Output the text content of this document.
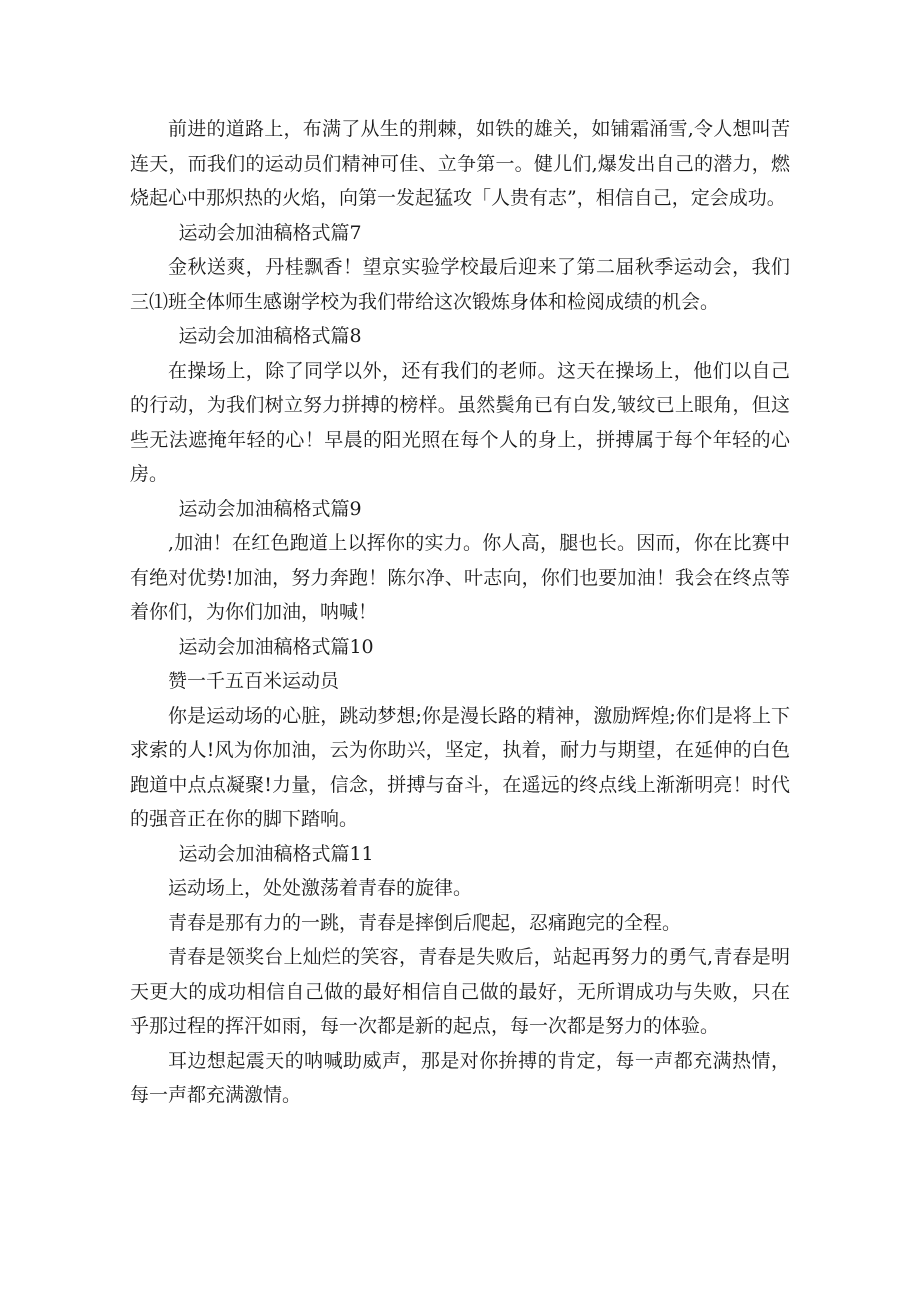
前进的道路上，布满了从生的荆棘，如铁的雄关，如铺霜涌雪,令人想叫苦连天，而我们的运动员们精神可佳、立争第一。健儿们,爆发出自己的潜力，燃烧起心中那炽热的火焰，向第一发起猛攻「人贵有志”，相信自己，定会成功。

运动会加油稿格式篇7

金秋送爽，丹桂飘香！望京实验学校最后迎来了第二届秋季运动会，我们三⑴班全体师生感谢学校为我们带给这次锻炼身体和检阅成绩的机会。

运动会加油稿格式篇8

在操场上，除了同学以外，还有我们的老师。这天在操场上，他们以自己的行动，为我们树立努力拼搏的榜样。虽然鬓角已有白发,皱纹已上眼角，但这些无法遮掩年轻的心！早晨的阳光照在每个人的身上，拼搏属于每个年轻的心房。

运动会加油稿格式篇9

,加油！在红色跑道上以挥你的实力。你人高，腿也长。因而，你在比赛中有绝对优势!加油，努力奔跑！陈尔净、叶志向，你们也要加油！我会在终点等着你们，为你们加油，呐喊！

运动会加油稿格式篇10

赞一千五百米运动员

你是运动场的心脏，跳动梦想;你是漫长路的精神，激励辉煌;你们是将上下求索的人!风为你加油，云为你助兴，坚定，执着，耐力与期望，在延伸的白色跑道中点点凝聚!力量，信念，拼搏与奋斗，在遥远的终点线上渐渐明亮！时代的强音正在你的脚下踏响。

运动会加油稿格式篇11

运动场上，处处激荡着青春的旋律。

青春是那有力的一跳，青春是摔倒后爬起，忍痛跑完的全程。

青春是领奖台上灿烂的笑容，青春是失败后，站起再努力的勇气,青春是明天更大的成功相信自己做的最好相信自己做的最好，无所谓成功与失败，只在乎那过程的挥汗如雨，每一次都是新的起点，每一次都是努力的体验。

耳边想起震天的呐喊助威声，那是对你拚搏的肯定，每一声都充满热情，每一声都充满激情。
